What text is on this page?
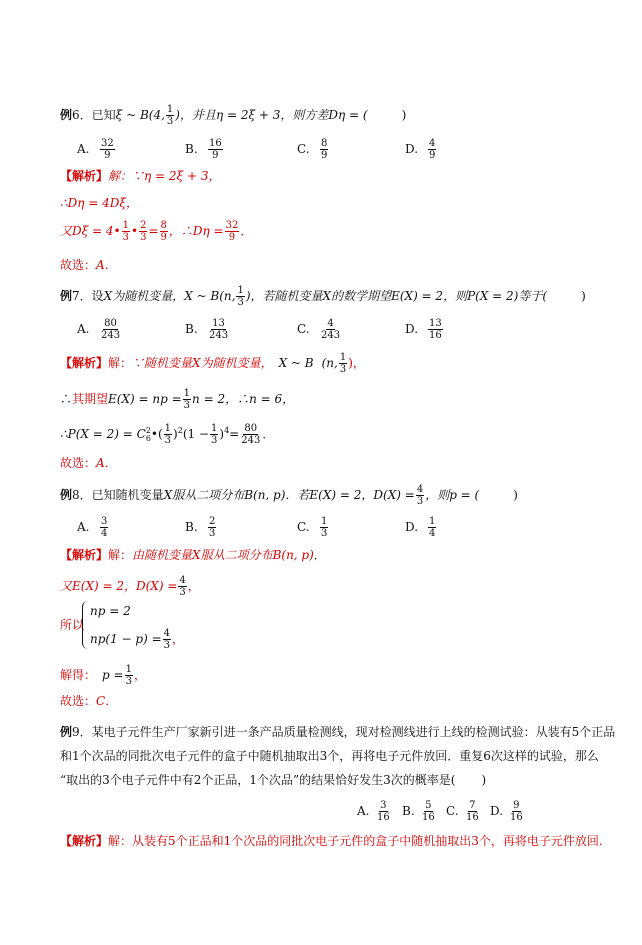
例6．已知ξ ~ B(4, $\frac{1}{3}$ )，并且η = 2ξ + 3，则方差Dη = (	)
A. $\frac{32}{9}$	B. $\frac{16}{9}$	C. $\frac{8}{9}$	D. $\frac{4}{9}$
【解析】解：∵η = 2ξ + 3，
∴Dη = 4Dξ，
又Dξ = 4• $\frac{1}{3}$ • $\frac{2}{3} = \frac{8}{9}$ ，∴Dη = $\frac{32}{9}$ ．
故选：A．
例7．设X为随机变量，X ~ B(n, $\frac{1}{3}$ )，若随机变量X的数学期望E(X) = 2，则P(X = 2)等于(	)
A. $\frac{80}{243}$	B. $\frac{13}{243}$	C. $\frac{4}{243}$	D. $\frac{13}{16}$
【解析】解：∵随机变量X为随机变量， X ~ B (n, $\frac{1}{3}$ )，
∴其期望E(X) = np = $\frac{1}{3}$ n = 2，∴n = 6，
∴P(X = 2) = C 2
6 •( $\frac{1}{3} )^2(1 - \frac{1}{3} )^4= \frac{80}{243}$ ．
故选：A．
例8．已知随机变量X服从二项分布B(n, p)．若E(X) = 2，$D(X) = \frac{4}{3}$ ，则p = (	)
A. $\frac{3}{4}$	B. $\frac{2}{3}$	C. $\frac{1}{3}$	D. $\frac{1}{4}$
【解析】解：由随机变量X服从二项分布B(n, p)．
又E(X) = 2，$D(X) = \frac{4}{3}$ ，
所以
np = 2
$np(1 - p) = \frac{4}{3}$ ，
解得： $p = \frac{1}{3}$ ，
故选：C．
例9．某电子元件生产厂家新引进一条产品质量检测线，现对检测线进行上线的检测试验：从装有5个正品
和1个次品的同批次电子元件的盒子中随机抽取出3个，再将电子元件放回．重复6次这样的试验，那么
“取出的3个电子元件中有2个正品，1个次品”的结果恰好发生3次的概率是( )
A. $\frac{3}{16} B$. $\frac{5}{16} C$. $\frac{7}{16} D$. $\frac{9}{16}$
【解析】解：从装有5个正品和1个次品的同批次电子元件的盒子中随机抽取出3个，再将电子元件放回.
